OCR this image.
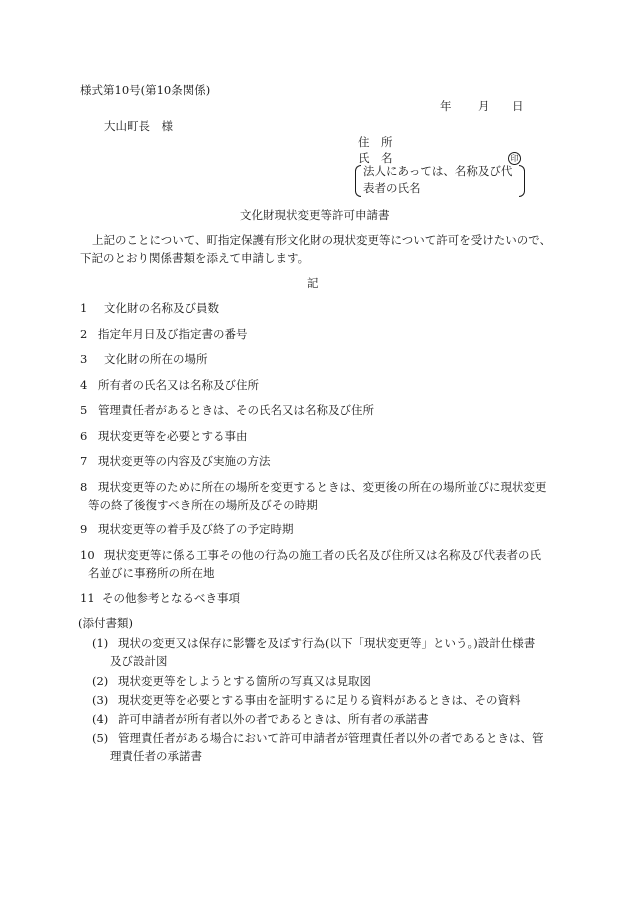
様式第10号(第10条関係)
年 月 日
大山町長　様
住　所
氏　名	印
法人にあっては、名称及び代
表者の氏名
文化財現状変更等許可申請書
上記のことについて、町指定保護有形文化財の現状変更等について許可を受けたいので、
下記のとおり関係書類を添えて申請します。
記
1 文化財の名称及び員数
2 指定年月日及び指定書の番号
3 文化財の所在の場所
4 所有者の氏名又は名称及び住所
5 管理責任者があるときは、その氏名又は名称及び住所
6 現状変更等を必要とする事由
7 現状変更等の内容及び実施の方法
8 現状変更等のために所在の場所を変更するときは、変更後の所在の場所並びに現状変更
等の終了後復すべき所在の場所及びその時期
9 現状変更等の着手及び終了の予定時期
10 現状変更等に係る工事その他の行為の施工者の氏名及び住所又は名称及び代表者の氏
名並びに事務所の所在地
11 その他参考となるべき事項
(添付書類)
(1) 現状の変更又は保存に影響を及ぼす行為(以下「現状変更等」という。)設計仕様書
及び設計図
(2) 現状変更等をしようとする箇所の写真又は見取図
(3) 現状変更等を必要とする事由を証明するに足りる資料があるときは、その資料
(4) 許可申請者が所有者以外の者であるときは、所有者の承諾書
(5) 管理責任者がある場合において許可申請者が管理責任者以外の者であるときは、管
理責任者の承諾書
